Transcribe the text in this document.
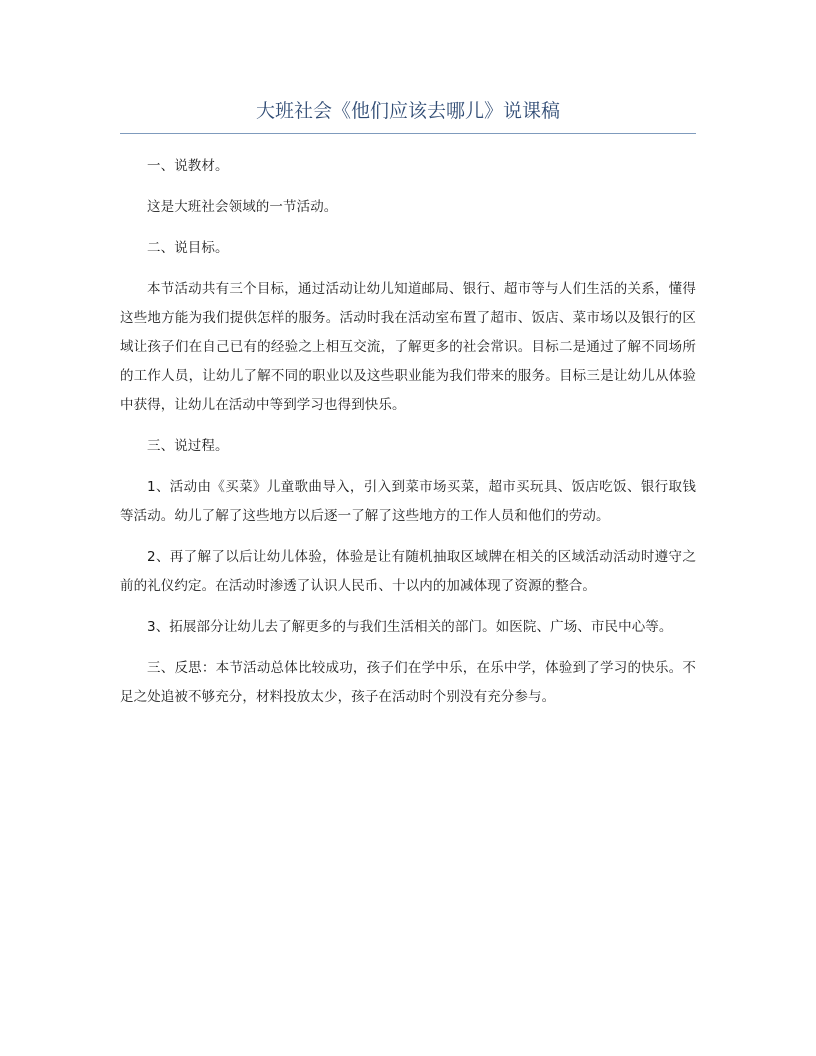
大班社会《他们应该去哪儿》说课稿

一、说教材。

这是大班社会领域的一节活动。

二、说目标。

本节活动共有三个目标，通过活动让幼儿知道邮局、银行、超市等与人们生活的关系，懂得这些地方能为我们提供怎样的服务。活动时我在活动室布置了超市、饭店、菜市场以及银行的区域让孩子们在自己已有的经验之上相互交流，了解更多的社会常识。目标二是通过了解不同场所的工作人员，让幼儿了解不同的职业以及这些职业能为我们带来的服务。目标三是让幼儿从体验中获得，让幼儿在活动中等到学习也得到快乐。

三、说过程。

1、活动由《买菜》儿童歌曲导入，引入到菜市场买菜，超市买玩具、饭店吃饭、银行取钱等活动。幼儿了解了这些地方以后逐一了解了这些地方的工作人员和他们的劳动。

2、再了解了以后让幼儿体验，体验是让有随机抽取区域牌在相关的区域活动活动时遵守之前的礼仪约定。在活动时渗透了认识人民币、十以内的加减体现了资源的整合。

3、拓展部分让幼儿去了解更多的与我们生活相关的部门。如医院、广场、市民中心等。

三、反思：本节活动总体比较成功，孩子们在学中乐，在乐中学，体验到了学习的快乐。不足之处追被不够充分，材料投放太少，孩子在活动时个别没有充分参与。
